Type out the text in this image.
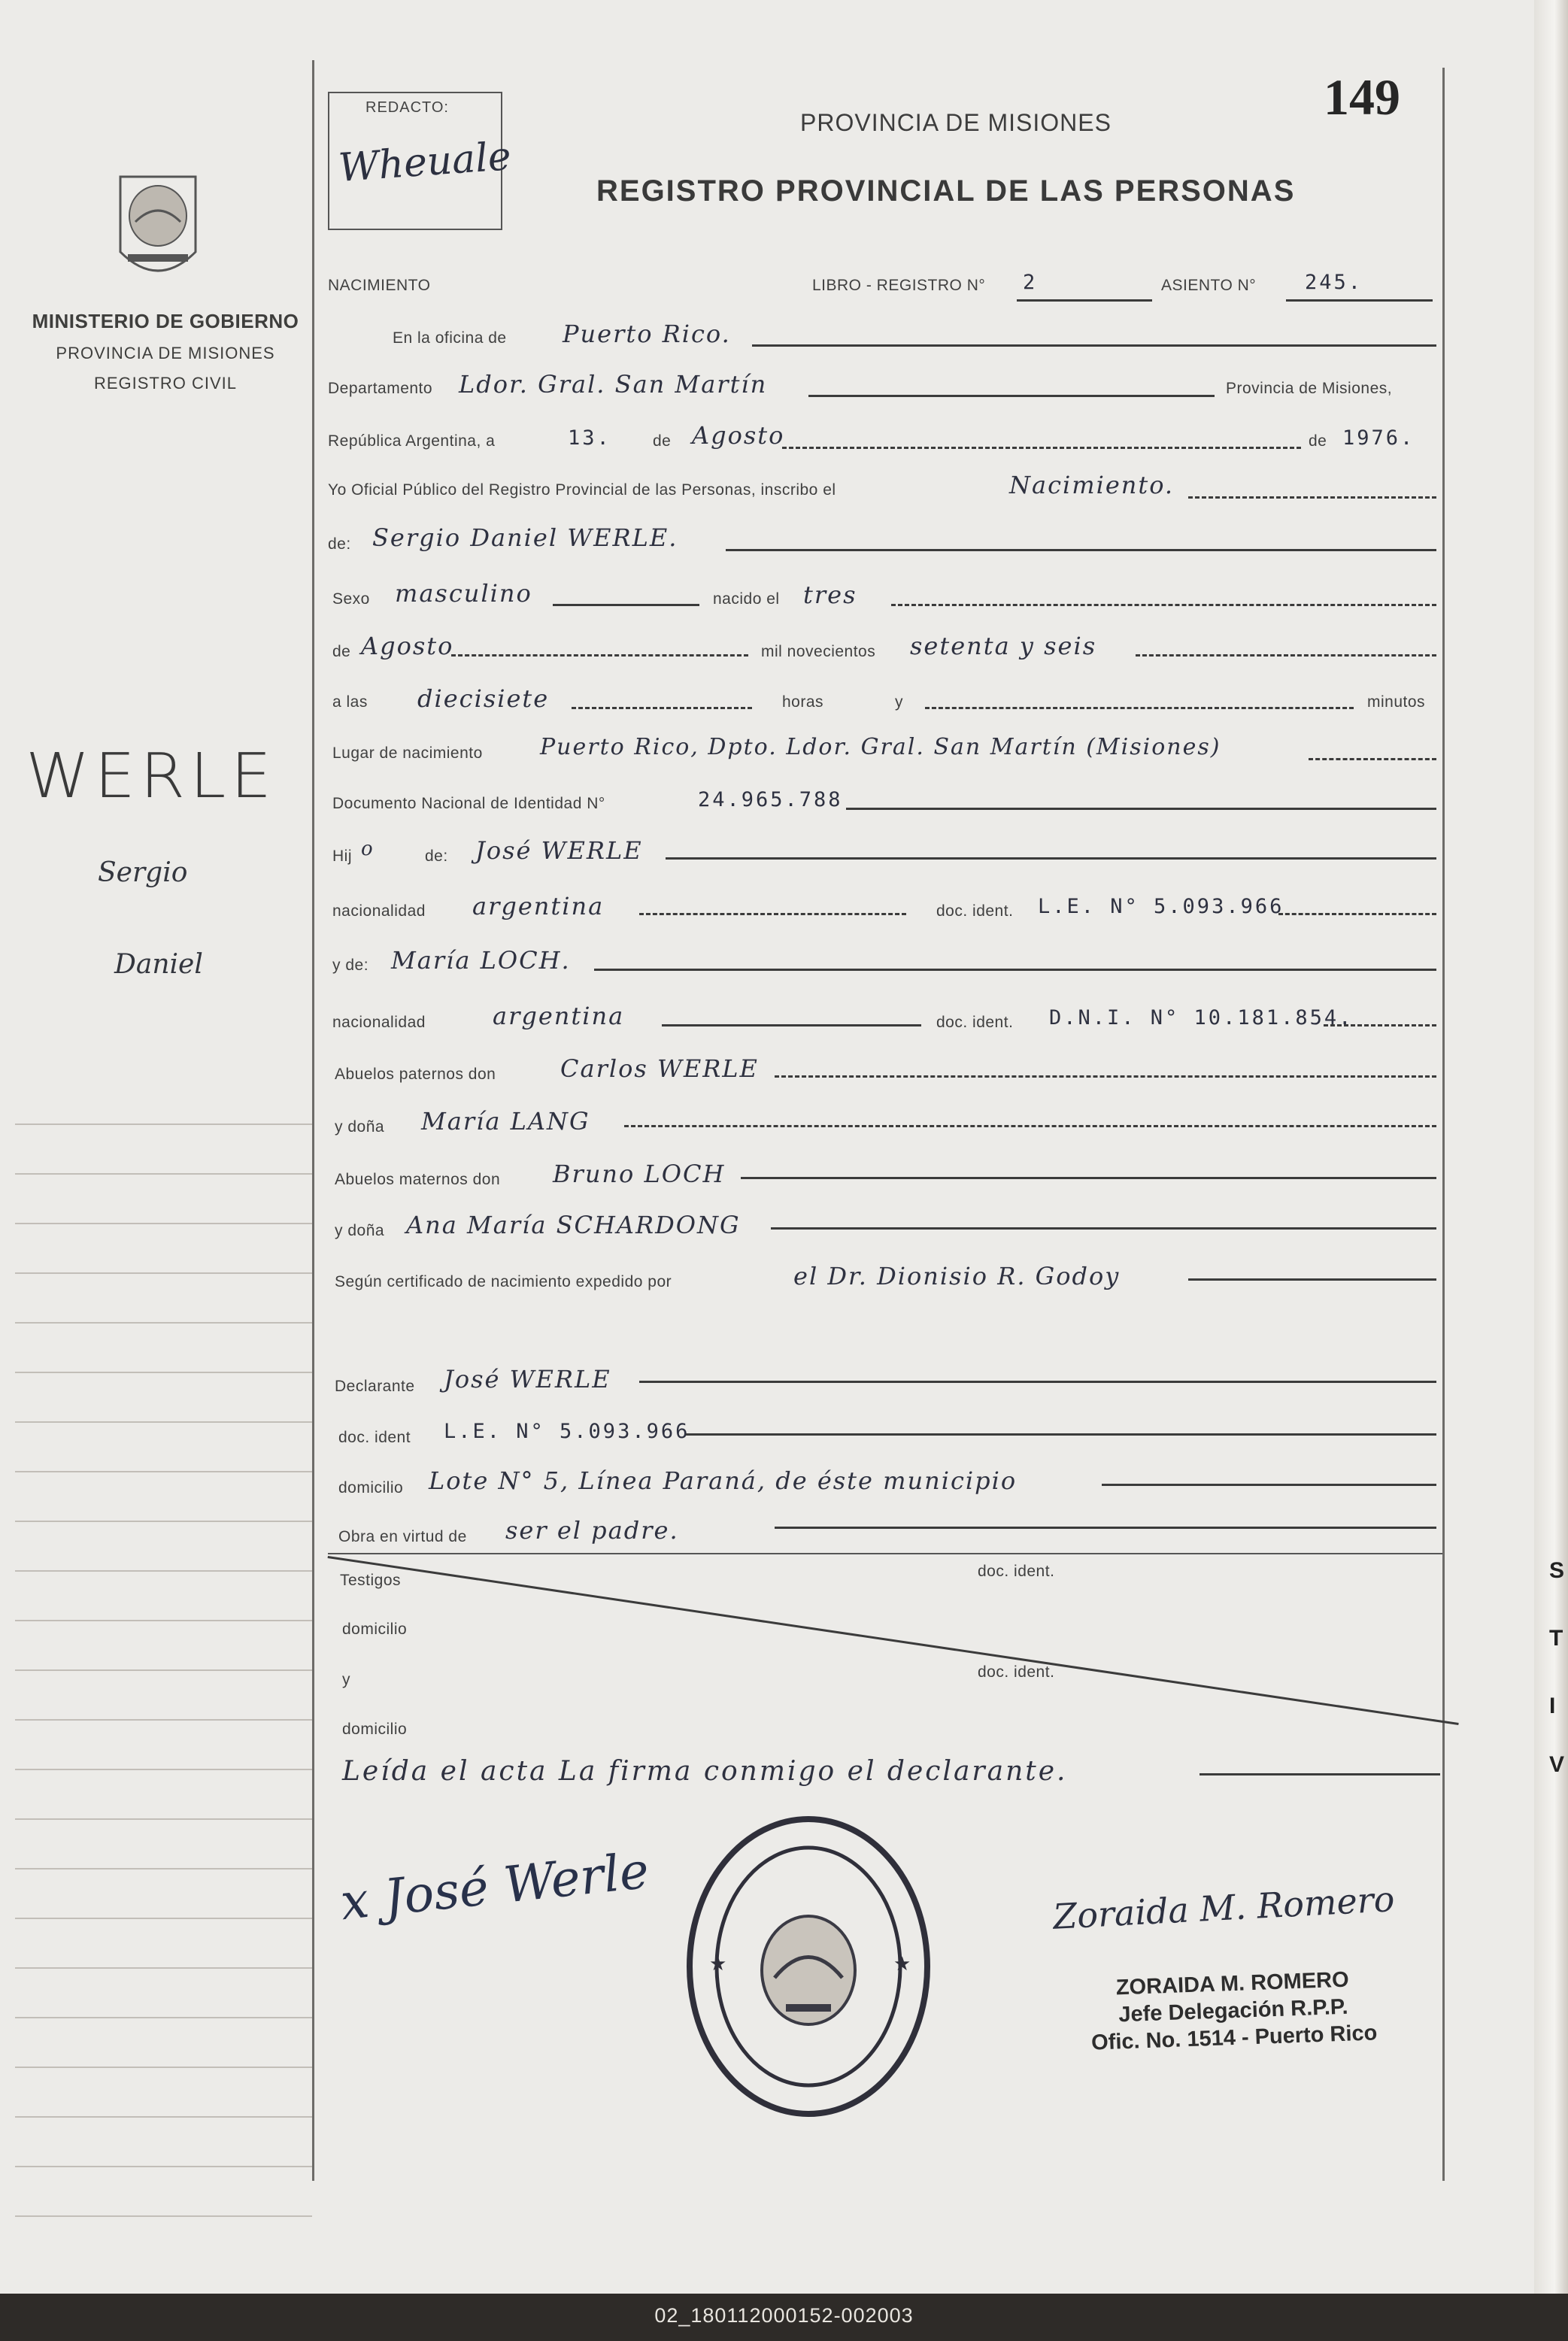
02_180112000152-002003
MINISTERIO DE GOBIERNO
PROVINCIA DE MISIONES
REGISTRO CIVIL
WERLE
Sergio
Daniel
REDACTO:
Wheuale
PROVINCIA DE MISIONES	149
REGISTRO PROVINCIAL DE LAS PERSONAS
NACIMIENTO	LIBRO - REGISTRO N° 2	ASIENTO N° 245.
En la oficina de Puerto Rico.
Departamento Ldor. Gral. San Martín	Provincia de Misiones,
República Argentina, a	13.	de Agosto	de 1976.
Yo Oficial Público del Registro Provincial de las Personas, inscribo el	Nacimiento.
de: Sergio Daniel WERLE.
Sexo masculino	nacido el tres
de Agosto	mil novecientos setenta y seis
a las diecisiete	horas	y	minutos
Lugar de nacimiento	Puerto Rico, Dpto. Ldor. Gral. San Martín (Misiones)
Documento Nacional de Identidad N°	24.965.788
Hij o	de: José WERLE
nacionalidad argentina	doc. ident. L.E. N° 5.093.966
y de: María LOCH.
nacionalidad	argentina	doc. ident. D.N.I. N° 10.181.854.
Abuelos paternos don	Carlos WERLE
y doña María LANG
Abuelos maternos don Bruno LOCH
y doña Ana María SCHARDONG
Según certificado de nacimiento expedido por	el Dr. Dionisio R. Godoy
Declarante José WERLE
doc. ident L.E. N° 5.093.966
domicilio Lote N° 5, Línea Paraná, de éste municipio
Obra en virtud de ser el padre.
Testigos
doc. ident.
domicilio
y	doc. ident.
domicilio
Leída el acta La firma conmigo el declarante.
x José Werle
★	★
Zoraida M. Romero
ZORAIDA M. ROMERO
Jefe Delegación R.P.P.
Ofic. No. 1514 - Puerto Rico
S
T
I
V
